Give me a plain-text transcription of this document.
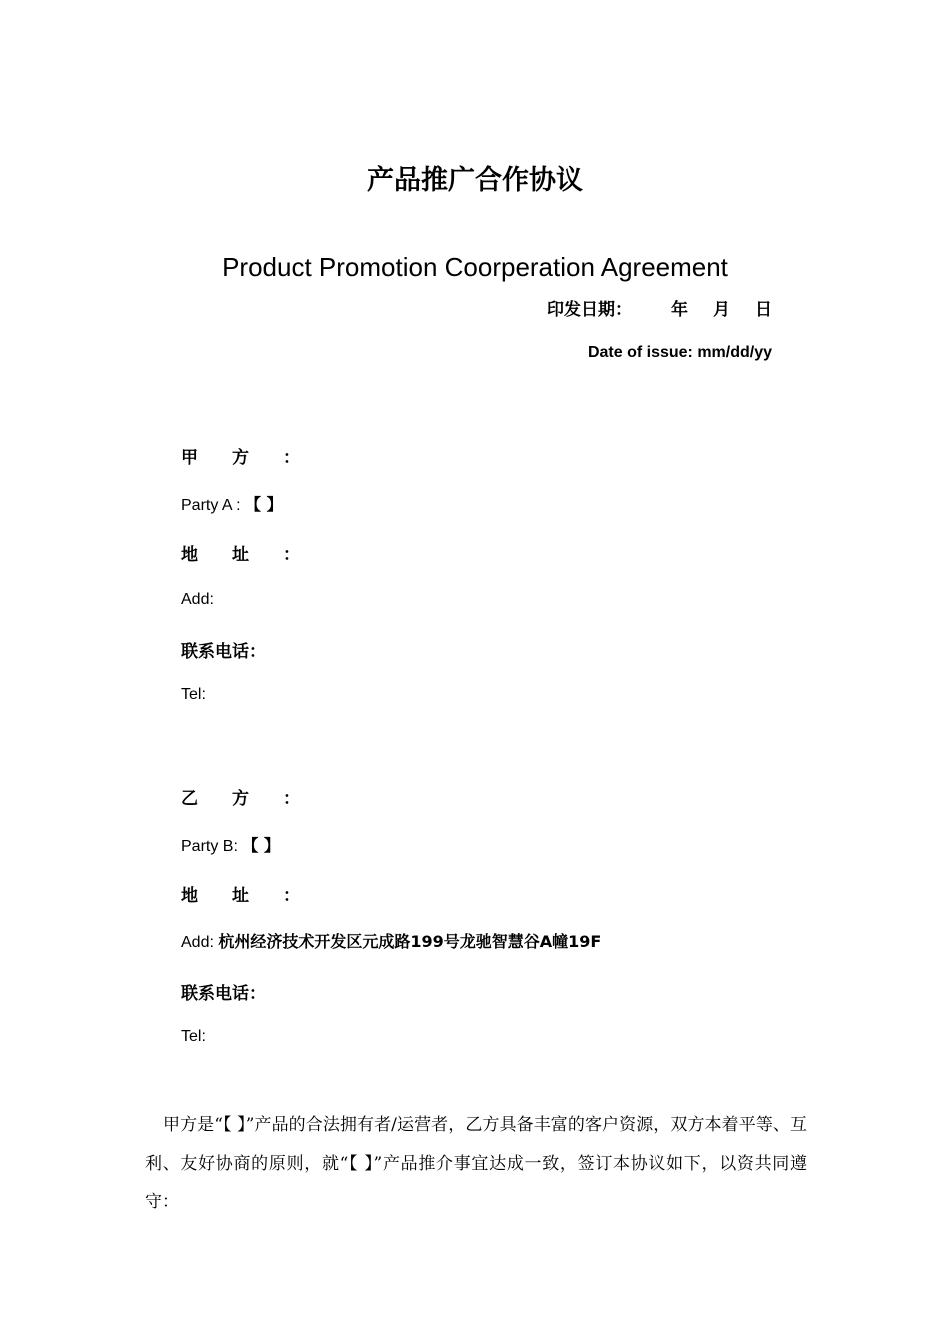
产品推广合作协议
Product Promotion Coorperation Agreement
印发日期： 年 月 日
Date of issue: mm/dd/yy
甲方：
Party A : 【 】
地址：
Add:
联系电话：
Tel:
乙方：
Party B: 【 】
地址：
Add: 杭州经济技术开发区元成路199号龙驰智慧谷A幢19F
联系电话：
Tel:
甲方是“【 】”产品的合法拥有者/运营者，乙方具备丰富的客户资源，双方本着平等、互利、友好协商的原则，就“【 】”产品推介事宜达成一致，签订本协议如下，以资共同遵守：
